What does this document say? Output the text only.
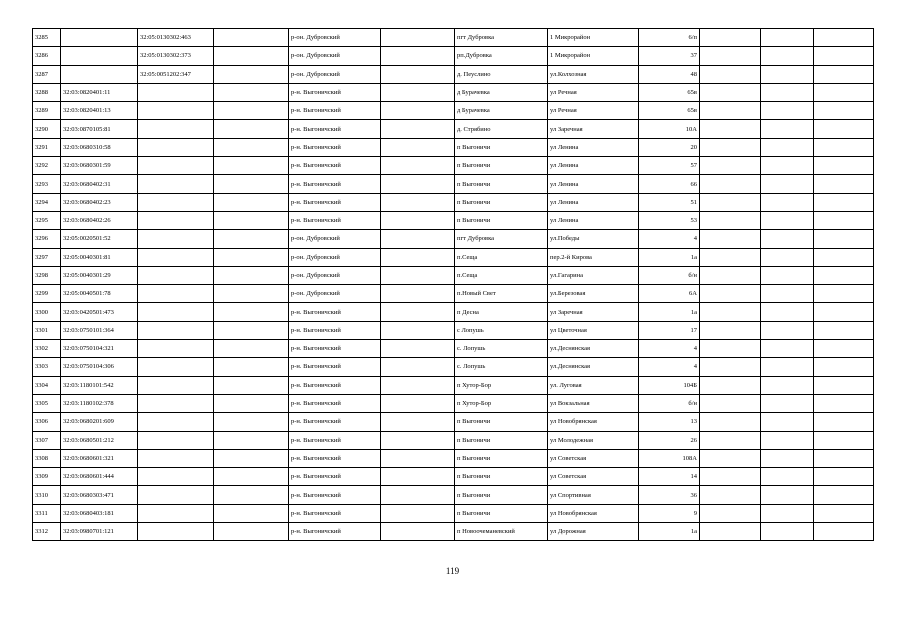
3285		32:05:0130302:463		р-он. Дубровский		пгт Дубровка	1 Микрорайон	6/п			
3286		32:05:0130302:373		р-он. Дубровский		рп.Дубровка	1 Микрорайон	37			
3287		32:05:0051202:347		р-он. Дубровский		д. Пеуслино	ул.Колхозная	48			
3288	32:03:0820401:11			р-н. Выгоничский		д Бурачевка	ул Речная	65в			
3289	32:03:0820401:13			р-н. Выгоничский		д Бурачевка	ул Речная	65в			
3290	32:03:0870105:81			р-н. Выгоничский		д. Стрябино	ул Заречная	10А			
3291	32:03:0680310:58			р-н. Выгоничский		п Выгоничи	ул Ленина	20			
3292	32:03:0680301:59			р-н. Выгоничский		п Выгоничи	ул Ленина	57			
3293	32:03:0680402:31			р-н. Выгоничский		п Выгоничи	ул Ленина	66			
3294	32:03:0680402:23			р-н. Выгоничский		п Выгоничи	ул Ленина	51			
3295	32:03:0680402:26			р-н. Выгоничский		п Выгоничи	ул Ленина	53			
3296	32:05:0020501:52			р-он. Дубровский		пгт Дубровка	ул.Победы	4			
3297	32:05:0040301:81			р-он. Дубровский		п.Сеща	пер.2-й Кирова	1а			
3298	32:05:0040301:29			р-он. Дубровский		п.Сеща	ул.Гагарина	б/н			
3299	32:05:0040501:78			р-он. Дубровский		п.Новый Свет	ул.Березовая	6А			
3300	32:03:0420501:473			р-н. Выгоничский		п Десна	ул Заречная	1а			
3301	32:03:0750101:364			р-н. Выгоничский		с Лопушь	ул Цветочная	17			
3302	32:03:0750104:321			р-н. Выгоничский		с. Лопушь	ул.Деснянская	4			
3303	32:03:0750104:306			р-н. Выгоничский		с. Лопушь	ул.Деснянская	4			
3304	32:03:1180101:542			р-н. Выгоничский		п Хутор-Бор	ул. Луговая	104Б			
3305	32:03:1180102:378			р-н. Выгоничский		п Хутор-Бор	ул Вокзальная	б/н			
3306	32:03:0680201:609			р-н. Выгоничский		п Выгоничи	ул Новобрянская	13			
3307	32:03:0680501:212			р-н. Выгоничский		п Выгоничи	ул Молодежная	26			
3308	32:03:0680601:321			р-н. Выгоничский		п Выгоничи	ул Советская	108А			
3309	32:03:0680601:444			р-н. Выгоничский		п Выгоничи	ул Советская	14			
3310	32:03:0680303:471			р-н. Выгоничский		п Выгоничи	ул Спортивная	36			
3311	32:03:0680403:181			р-н. Выгоничский		п Выгоничи	ул Новобрянская	9			
3312	32:03:0980701:121			р-н. Выгоничский		п Новоочеманевский	ул Дорожная	1а			
119
